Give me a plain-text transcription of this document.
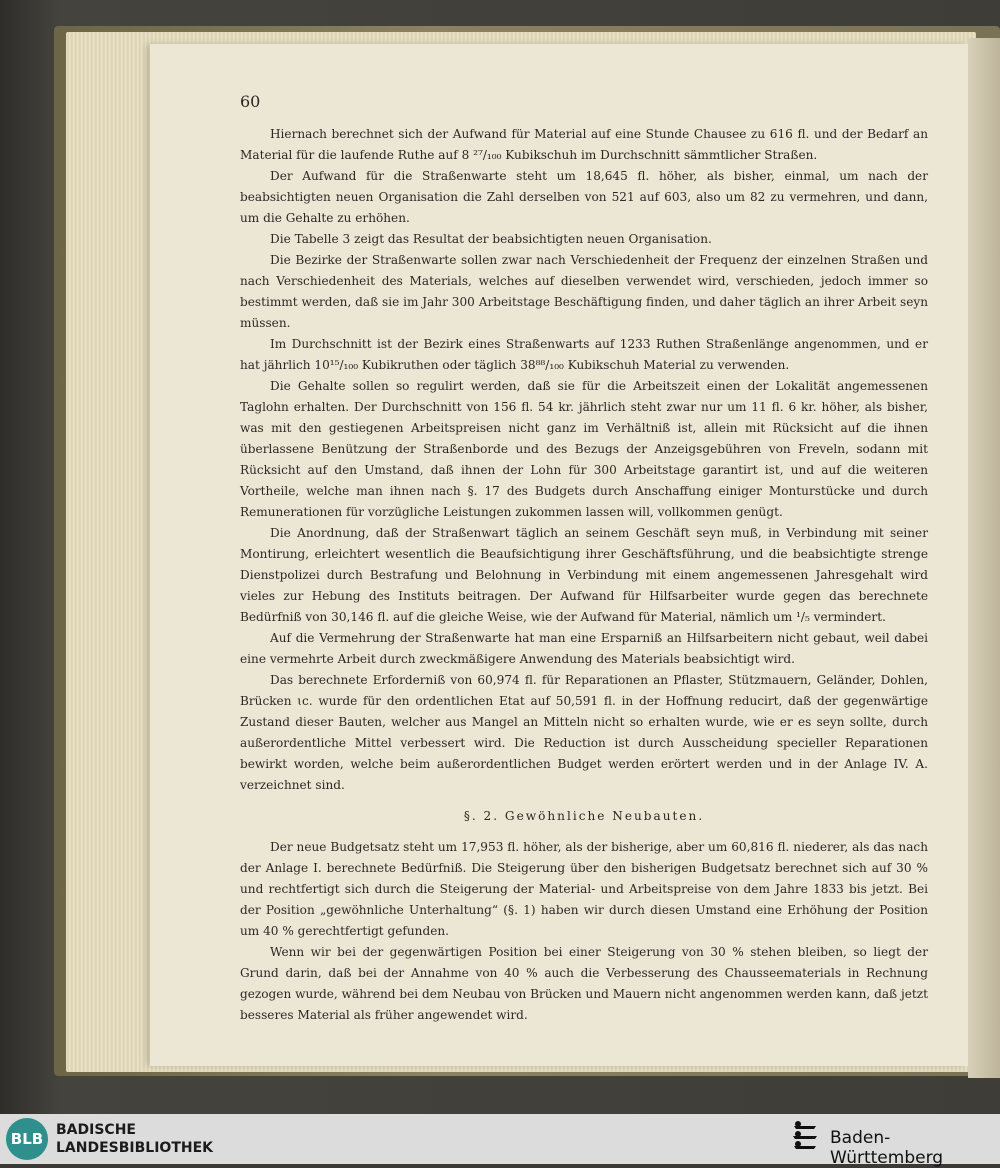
60

Hiernach berechnet sich der Aufwand für Material auf eine Stunde Chausee zu 616 fl. und der Bedarf an Material für die laufende Ruthe auf 8 ²⁷/₁₀₀ Kubikschuh im Durchschnitt sämmtlicher Straßen.

Der Aufwand für die Straßenwarte steht um 18,645 fl. höher, als bisher, einmal, um nach der beabsichtigten neuen Organisation die Zahl derselben von 521 auf 603, also um 82 zu vermehren, und dann, um die Gehalte zu erhöhen.

Die Tabelle 3 zeigt das Resultat der beabsichtigten neuen Organisation.

Die Bezirke der Straßenwarte sollen zwar nach Verschiedenheit der Frequenz der einzelnen Straßen und nach Verschiedenheit des Materials, welches auf dieselben verwendet wird, verschieden, jedoch immer so bestimmt werden, daß sie im Jahr 300 Arbeitstage Beschäftigung finden, und daher täglich an ihrer Arbeit seyn müssen.

Im Durchschnitt ist der Bezirk eines Straßenwarts auf 1233 Ruthen Straßenlänge angenommen, und er hat jährlich 10¹⁵/₁₀₀ Kubikruthen oder täglich 38⁸⁸/₁₀₀ Kubikschuh Material zu verwenden.

Die Gehalte sollen so regulirt werden, daß sie für die Arbeitszeit einen der Lokalität angemessenen Taglohn erhalten. Der Durchschnitt von 156 fl. 54 kr. jährlich steht zwar nur um 11 fl. 6 kr. höher, als bisher, was mit den gestiegenen Arbeitspreisen nicht ganz im Verhältniß ist, allein mit Rücksicht auf die ihnen überlassene Benützung der Straßenborde und des Bezugs der Anzeigsgebühren von Freveln, sodann mit Rücksicht auf den Umstand, daß ihnen der Lohn für 300 Arbeitstage garantirt ist, und auf die weiteren Vortheile, welche man ihnen nach §. 17 des Budgets durch Anschaffung einiger Monturstücke und durch Remunerationen für vorzügliche Leistungen zukommen lassen will, vollkommen genügt.

Die Anordnung, daß der Straßenwart täglich an seinem Geschäft seyn muß, in Verbindung mit seiner Montirung, erleichtert wesentlich die Beaufsichtigung ihrer Geschäftsführung, und die beabsichtigte strenge Dienstpolizei durch Bestrafung und Belohnung in Verbindung mit einem angemessenen Jahresgehalt wird vieles zur Hebung des Instituts beitragen. Der Aufwand für Hilfsarbeiter wurde gegen das berechnete Bedürfniß von 30,146 fl. auf die gleiche Weise, wie der Aufwand für Material, nämlich um ¹/₅ vermindert.

Auf die Vermehrung der Straßenwarte hat man eine Ersparniß an Hilfsarbeitern nicht gebaut, weil dabei eine vermehrte Arbeit durch zweckmäßigere Anwendung des Materials beabsichtigt wird.

Das berechnete Erforderniß von 60,974 fl. für Reparationen an Pflaster, Stützmauern, Geländer, Dohlen, Brücken ɩc. wurde für den ordentlichen Etat auf 50,591 fl. in der Hoffnung reducirt, daß der gegenwärtige Zustand dieser Bauten, welcher aus Mangel an Mitteln nicht so erhalten wurde, wie er es seyn sollte, durch außerordentliche Mittel verbessert wird. Die Reduction ist durch Ausscheidung specieller Reparationen bewirkt worden, welche beim außerordentlichen Budget werden erörtert werden und in der Anlage IV. A. verzeichnet sind.

§. 2. Gewöhnliche Neubauten.

Der neue Budgetsatz steht um 17,953 fl. höher, als der bisherige, aber um 60,816 fl. niederer, als das nach der Anlage I. berechnete Bedürfniß. Die Steigerung über den bisherigen Budgetsatz berechnet sich auf 30 % und rechtfertigt sich durch die Steigerung der Material- und Arbeitspreise von dem Jahre 1833 bis jetzt. Bei der Position „gewöhnliche Unterhaltung“ (§. 1) haben wir durch diesen Umstand eine Erhöhung der Position um 40 % gerechtfertigt gefunden.

Wenn wir bei der gegenwärtigen Position bei einer Steigerung von 30 % stehen bleiben, so liegt der Grund darin, daß bei der Annahme von 40 % auch die Verbesserung des Chausseematerials in Rechnung gezogen wurde, während bei dem Neubau von Brücken und Mauern nicht angenommen werden kann, daß jetzt besseres Material als früher angewendet wird.

BLB BADISCHE
LANDESBIBLIOTHEK	Baden-Württemberg
